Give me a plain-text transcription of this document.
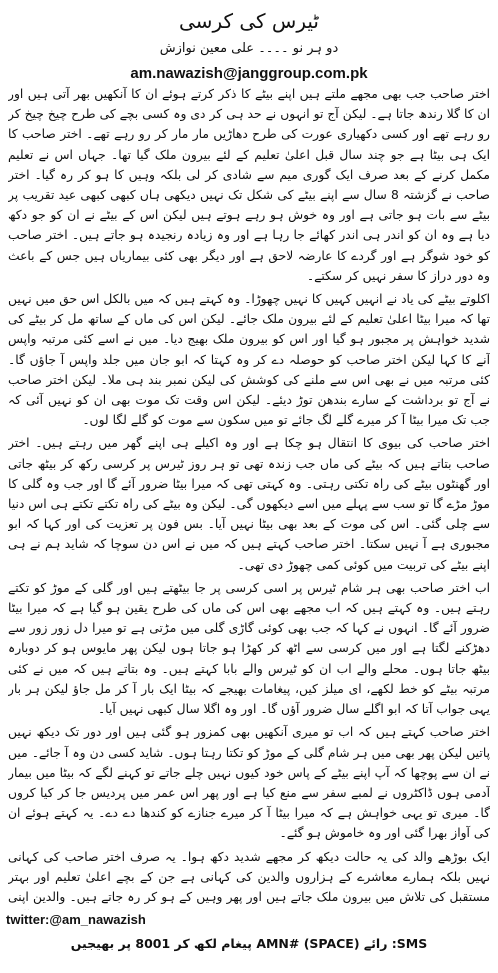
ٹیرس کی کرسی
دو ہر نو ۔۔۔۔ علی معین نوازش
am.nawazish@janggroup.com.pk

اختر صاحب جب بھی مجھے ملتے ہیں اپنے بیٹے کا ذکر کرتے ہوئے ان کا آنکھیں بھر آتی ہیں اور ان کا گلا رندھ جاتا ہے۔ لیکن آج تو انہوں نے حد ہی کر دی وہ کسی بچے کی طرح چیخ چیخ کر رو رہے تھے اور کسی دکھیاری عورت کی طرح دھاڑیں مار مار کر رو رہے تھے۔ اختر صاحب کا ایک ہی بیٹا ہے جو چند سال قبل اعلیٰ تعلیم کے لئے بیرون ملک گیا تھا۔ جہاں اس نے تعلیم مکمل کرنے کے بعد صرف ایک گوری میم سے شادی کر لی بلکہ وہیں کا ہو کر رہ گیا۔ اختر صاحب نے گزشتہ 8 سال سے اپنے بیٹے کی شکل تک نہیں دیکھی ہاں کبھی کبھی عید تقریب پر بیٹے سے بات ہو جاتی ہے اور وہ خوش ہو رہے ہوتے ہیں لیکن اس کے بیٹے نے ان کو جو دکھ دیا ہے وہ ان کو اندر ہی اندر کھائے جا رہا ہے اور وہ زیادہ رنجیدہ ہو جاتے ہیں۔ اختر صاحب کو خود شوگر ہے اور گردے کا عارضہ لاحق ہے اور دیگر بھی کئی بیماریاں ہیں جس کے باعث وہ دور دراز کا سفر نہیں کر سکتے۔

اکلوتے بیٹے کی یاد نے انہیں کہیں کا نہیں چھوڑا۔ وہ کہتے ہیں کہ میں بالکل اس حق میں نہیں تھا کہ میرا بیٹا اعلیٰ تعلیم کے لئے بیرون ملک جائے۔ لیکن اس کی ماں کے ساتھ مل کر بیٹے کی شدید خواہش پر مجبور ہو گیا اور اس کو بیرون ملک بھیج دیا۔ میں نے اسے کئی مرتبہ واپس آنے کا کہا لیکن اختر صاحب کو حوصلہ دے کر وہ کہتا کہ ابو جان میں جلد واپس آ جاؤں گا۔ کئی مرتبہ میں نے بھی اس سے ملنے کی کوشش کی لیکن نمبر بند ہی ملا۔ لیکن اختر صاحب نے آج تو برداشت کے سارے بندھن توڑ دیئے۔ لیکن اس وقت تک موت بھی ان کو نہیں آئی کہ جب تک میرا بیٹا آ کر میرے گلے لگ جائے تو میں سکون سے موت کو گلے لگا لوں۔

اختر صاحب کی بیوی کا انتقال ہو چکا ہے اور وہ اکیلے ہی اپنے گھر میں رہتے ہیں۔ اختر صاحب بتاتے ہیں کہ بیٹے کی ماں جب زندہ تھی تو ہر روز ٹیرس پر کرسی رکھ کر بیٹھ جاتی اور گھنٹوں بیٹے کی راہ تکتی رہتی۔ وہ کہتی تھی کہ میرا بیٹا ضرور آئے گا اور جب وہ گلی کا موڑ مڑے گا تو سب سے پہلے میں اسے دیکھوں گی۔ لیکن وہ بیٹے کی راہ تکتے تکتے ہی اس دنیا سے چلی گئی۔ اس کی موت کے بعد بھی بیٹا نہیں آیا۔ بس فون پر تعزیت کی اور کہا کہ ابو مجبوری ہے آ نہیں سکتا۔ اختر صاحب کہتے ہیں کہ میں نے اس دن سوچا کہ شاید ہم نے ہی اپنے بیٹے کی تربیت میں کوئی کمی چھوڑ دی تھی۔

اب اختر صاحب بھی ہر شام ٹیرس پر اسی کرسی پر جا بیٹھتے ہیں اور گلی کے موڑ کو تکتے رہتے ہیں۔ وہ کہتے ہیں کہ اب مجھے بھی اس کی ماں کی طرح یقین ہو گیا ہے کہ میرا بیٹا ضرور آئے گا۔ انہوں نے کہا کہ جب بھی کوئی گاڑی گلی میں مڑتی ہے تو میرا دل زور زور سے دھڑکنے لگتا ہے اور میں کرسی سے اٹھ کر کھڑا ہو جاتا ہوں لیکن پھر مایوس ہو کر دوبارہ بیٹھ جاتا ہوں۔ محلے والے اب ان کو ٹیرس والے بابا کہتے ہیں۔ وہ بتاتے ہیں کہ میں نے کئی مرتبہ بیٹے کو خط لکھے، ای میلز کیں، پیغامات بھیجے کہ بیٹا ایک بار آ کر مل جاؤ لیکن ہر بار یہی جواب آتا کہ ابو اگلے سال ضرور آؤں گا۔ اور وہ اگلا سال کبھی نہیں آیا۔

اختر صاحب کہتے ہیں کہ اب تو میری آنکھیں بھی کمزور ہو گئی ہیں اور دور تک دیکھ نہیں پاتیں لیکن پھر بھی میں ہر شام گلی کے موڑ کو تکتا رہتا ہوں۔ شاید کسی دن وہ آ جائے۔ میں نے ان سے پوچھا کہ آپ اپنے بیٹے کے پاس خود کیوں نہیں چلے جاتے تو کہنے لگے کہ بیٹا میں بیمار آدمی ہوں ڈاکٹروں نے لمبے سفر سے منع کیا ہے اور پھر اس عمر میں پردیس جا کر کیا کروں گا۔ میری تو یہی خواہش ہے کہ میرا بیٹا آ کر میرے جنازے کو کندھا دے دے۔ یہ کہتے ہوئے ان کی آواز بھرا گئی اور وہ خاموش ہو گئے۔

ایک بوڑھے والد کی یہ حالت دیکھ کر مجھے شدید دکھ ہوا۔ یہ صرف اختر صاحب کی کہانی نہیں بلکہ ہمارے معاشرے کے ہزاروں والدین کی کہانی ہے جن کے بچے اعلیٰ تعلیم اور بہتر مستقبل کی تلاش میں بیرون ملک جاتے ہیں اور پھر وہیں کے ہو کر رہ جاتے ہیں۔ والدین اپنی

twitter:@am_nawazish
SMS: رائے AMN# (SPACE) پیغام لکھ کر 8001 پر بھیجیں
